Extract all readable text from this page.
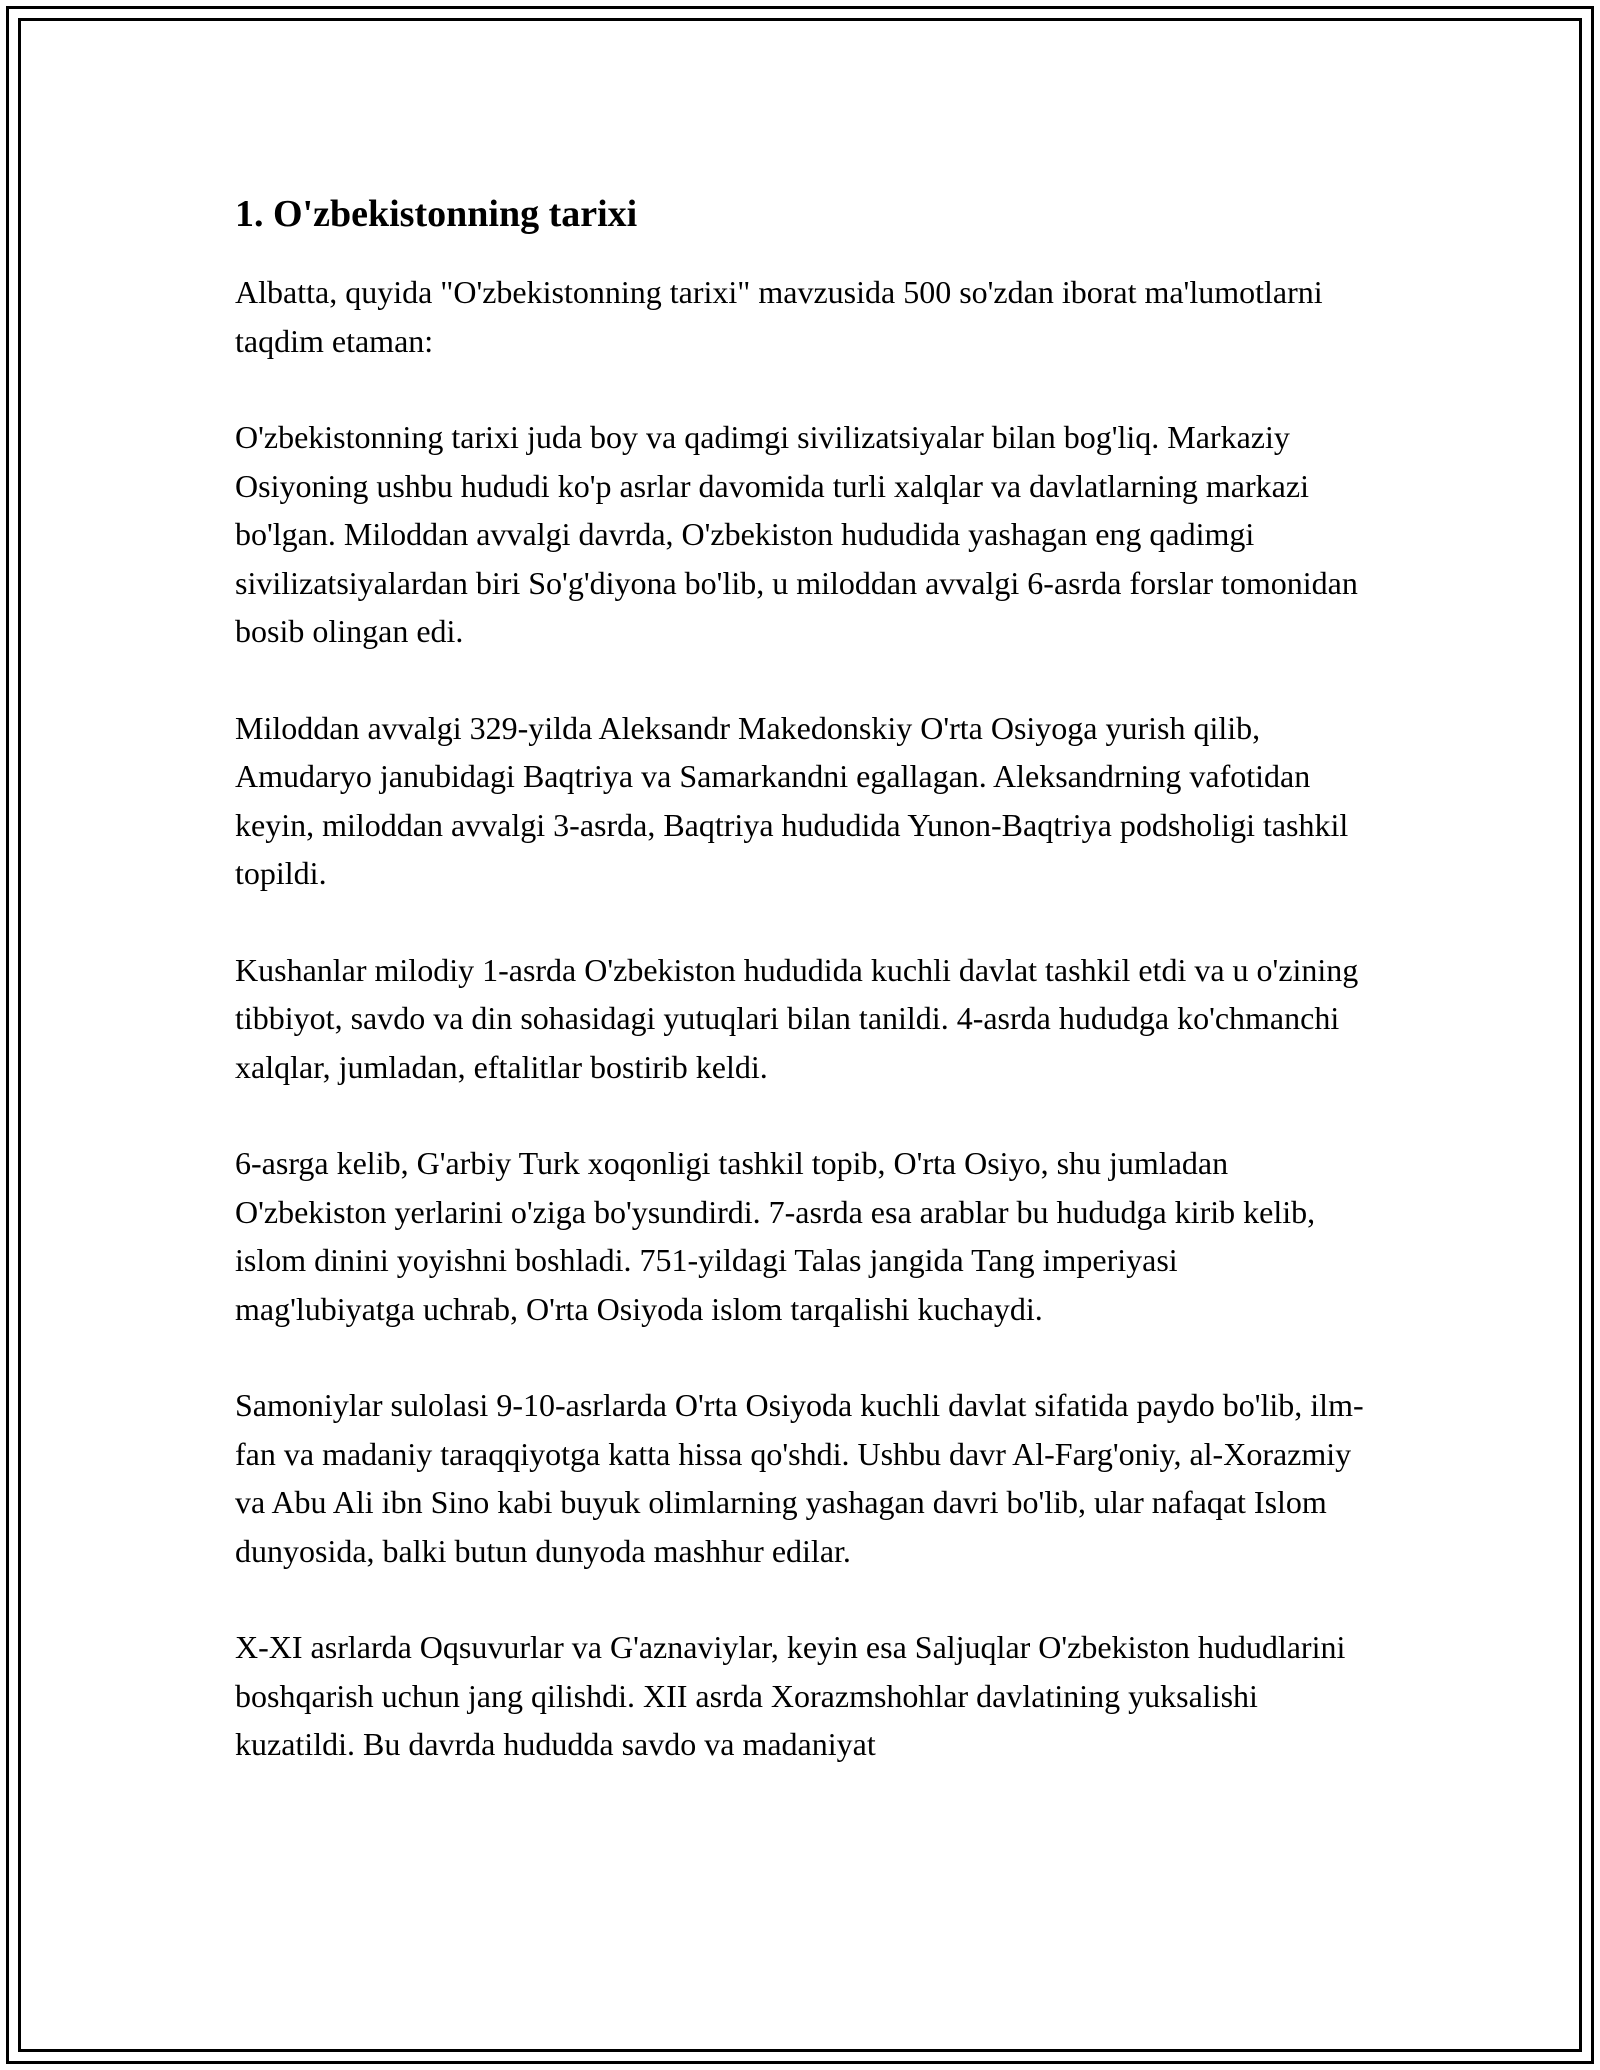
1. O'zbekistonning tarixi

Albatta, quyida "O'zbekistonning tarixi" mavzusida 500 so'zdan iborat ma'lumotlarni taqdim etaman:

O'zbekistonning tarixi juda boy va qadimgi sivilizatsiyalar bilan bog'liq. Markaziy Osiyoning ushbu hududi ko'p asrlar davomida turli xalqlar va davlatlarning markazi bo'lgan. Miloddan avvalgi davrda, O'zbekiston hududida yashagan eng qadimgi sivilizatsiyalardan biri So'g'diyona bo'lib, u miloddan avvalgi 6-asrda forslar tomonidan bosib olingan edi.

Miloddan avvalgi 329-yilda Aleksandr Makedonskiy O'rta Osiyoga yurish qilib, Amudaryo janubidagi Baqtriya va Samarkandni egallagan. Aleksandrning vafotidan keyin, miloddan avvalgi 3-asrda, Baqtriya hududida Yunon-Baqtriya podsholigi tashkil topildi.

Kushanlar milodiy 1-asrda O'zbekiston hududida kuchli davlat tashkil etdi va u o'zining tibbiyot, savdo va din sohasidagi yutuqlari bilan tanildi. 4-asrda hududga ko'chmanchi xalqlar, jumladan, eftalitlar bostirib keldi.

6-asrga kelib, G'arbiy Turk xoqonligi tashkil topib, O'rta Osiyo, shu jumladan O'zbekiston yerlarini o'ziga bo'ysundirdi. 7-asrda esa arablar bu hududga kirib kelib, islom dinini yoyishni boshladi. 751-yildagi Talas jangida Tang imperiyasi mag'lubiyatga uchrab, O'rta Osiyoda islom tarqalishi kuchaydi.

Samoniylar sulolasi 9-10-asrlarda O'rta Osiyoda kuchli davlat sifatida paydo bo'lib, ilm-fan va madaniy taraqqiyotga katta hissa qo'shdi. Ushbu davr Al-Farg'oniy, al-Xorazmiy va Abu Ali ibn Sino kabi buyuk olimlarning yashagan davri bo'lib, ular nafaqat Islom dunyosida, balki butun dunyoda mashhur edilar.

X-XI asrlarda Oqsuvurlar va G'aznaviylar, keyin esa Saljuqlar O'zbekiston hududlarini boshqarish uchun jang qilishdi. XII asrda Xorazmshohlar davlatining yuksalishi kuzatildi. Bu davrda hududda savdo va madaniyat
